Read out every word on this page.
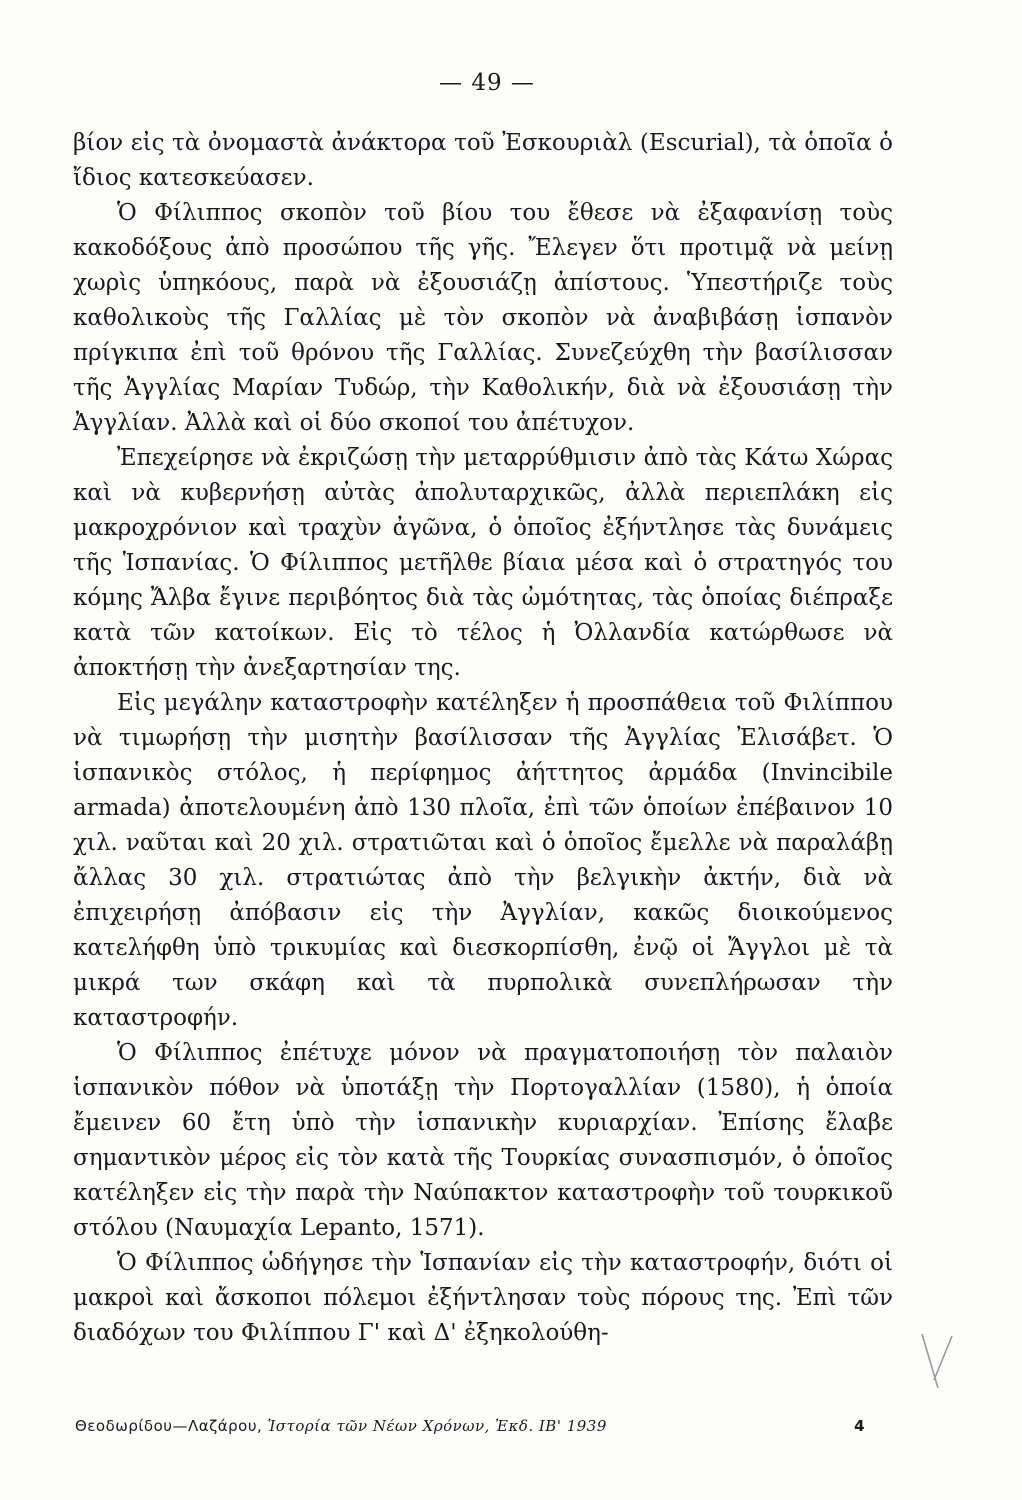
— 49 —

βίον εἰς τὰ ὀνομαστὰ ἀνάκτορα τοῦ Ἐσκουριὰλ (Escurial), τὰ ὁποῖα ὁ ἴδιος κατεσκεύασεν.

Ὁ Φίλιππος σκοπὸν τοῦ βίου του ἔθεσε νὰ ἐξαφανίσῃ τοὺς κακοδόξους ἀπὸ προσώπου τῆς γῆς. Ἔλεγεν ὅτι προτιμᾷ νὰ μείνῃ χωρὶς ὑπηκόους, παρὰ νὰ ἐξουσιάζῃ ἀπίστους. Ὑπεστήριζε τοὺς καθολικοὺς τῆς Γαλλίας μὲ τὸν σκοπὸν νὰ ἀναβιβάσῃ ἱσπανὸν πρίγκιπα ἐπὶ τοῦ θρόνου τῆς Γαλλίας. Συνεζεύχθη τὴν βασίλισσαν τῆς Ἀγγλίας Μαρίαν Τυδώρ, τὴν Καθολικήν, διὰ νὰ ἐξουσιάσῃ τὴν Ἀγγλίαν. Ἀλλὰ καὶ οἱ δύο σκοποί του ἀπέτυχον.

Ἐπεχείρησε νὰ ἐκριζώσῃ τὴν μεταρρύθμισιν ἀπὸ τὰς Κάτω Χώρας καὶ νὰ κυβερνήσῃ αὐτὰς ἀπολυταρχικῶς, ἀλλὰ περιεπλάκη εἰς μακροχρόνιον καὶ τραχὺν ἀγῶνα, ὁ ὁποῖος ἐξήντλησε τὰς δυνάμεις τῆς Ἱσπανίας. Ὁ Φίλιππος μετῆλθε βίαια μέσα καὶ ὁ στρατηγός του κόμης Ἄλβα ἔγινε περιβόητος διὰ τὰς ὠμότητας, τὰς ὁποίας διέπραξε κατὰ τῶν κατοίκων. Εἰς τὸ τέλος ἡ Ὀλλανδία κατώρθωσε νὰ ἀποκτήσῃ τὴν ἀνεξαρτησίαν της.

Εἰς μεγάλην καταστροφὴν κατέληξεν ἡ προσπάθεια τοῦ Φιλίππου νὰ τιμωρήσῃ τὴν μισητὴν βασίλισσαν τῆς Ἀγγλίας Ἐλισάβετ. Ὁ ἱσπανικὸς στόλος, ἡ περίφημος ἀήττητος ἀρμάδα (Invincibile armada) ἀποτελουμένη ἀπὸ 130 πλοῖα, ἐπὶ τῶν ὁποίων ἐπέβαινον 10 χιλ. ναῦται καὶ 20 χιλ. στρατιῶται καὶ ὁ ὁποῖος ἔμελλε νὰ παραλάβῃ ἄλλας 30 χιλ. στρατιώτας ἀπὸ τὴν βελγικὴν ἀκτήν, διὰ νὰ ἐπιχειρήσῃ ἀπόβασιν εἰς τὴν Ἀγγλίαν, κακῶς διοικούμενος κατελήφθη ὑπὸ τρικυμίας καὶ διεσκορπίσθη, ἐνῷ οἱ Ἄγγλοι μὲ τὰ μικρά των σκάφη καὶ τὰ πυρπολικὰ συνεπλήρωσαν τὴν καταστροφήν.

Ὁ Φίλιππος ἐπέτυχε μόνον νὰ πραγματοποιήσῃ τὸν παλαιὸν ἱσπανικὸν πόθον νὰ ὑποτάξῃ τὴν Πορτογαλλίαν (1580), ἡ ὁποία ἔμεινεν 60 ἔτη ὑπὸ τὴν ἱσπανικὴν κυριαρχίαν. Ἐπίσης ἔλαβε σημαντικὸν μέρος εἰς τὸν κατὰ τῆς Τουρκίας συνασπισμόν, ὁ ὁποῖος κατέληξεν εἰς τὴν παρὰ τὴν Ναύπακτον καταστροφὴν τοῦ τουρκικοῦ στόλου (Ναυμαχία Lepanto, 1571).

Ὁ Φίλιππος ὡδήγησε τὴν Ἱσπανίαν εἰς τὴν καταστροφήν, διότι οἱ μακροὶ καὶ ἄσκοποι πόλεμοι ἐξήντλησαν τοὺς πόρους της. Ἐπὶ τῶν διαδόχων του Φιλίππου Γ' καὶ Δ' ἐξηκολούθη-

Θεοδωρίδου—Λαζάρου, Ἱστορία τῶν Νέων Χρόνων, Ἐκδ. ΙΒ' 1939	4
